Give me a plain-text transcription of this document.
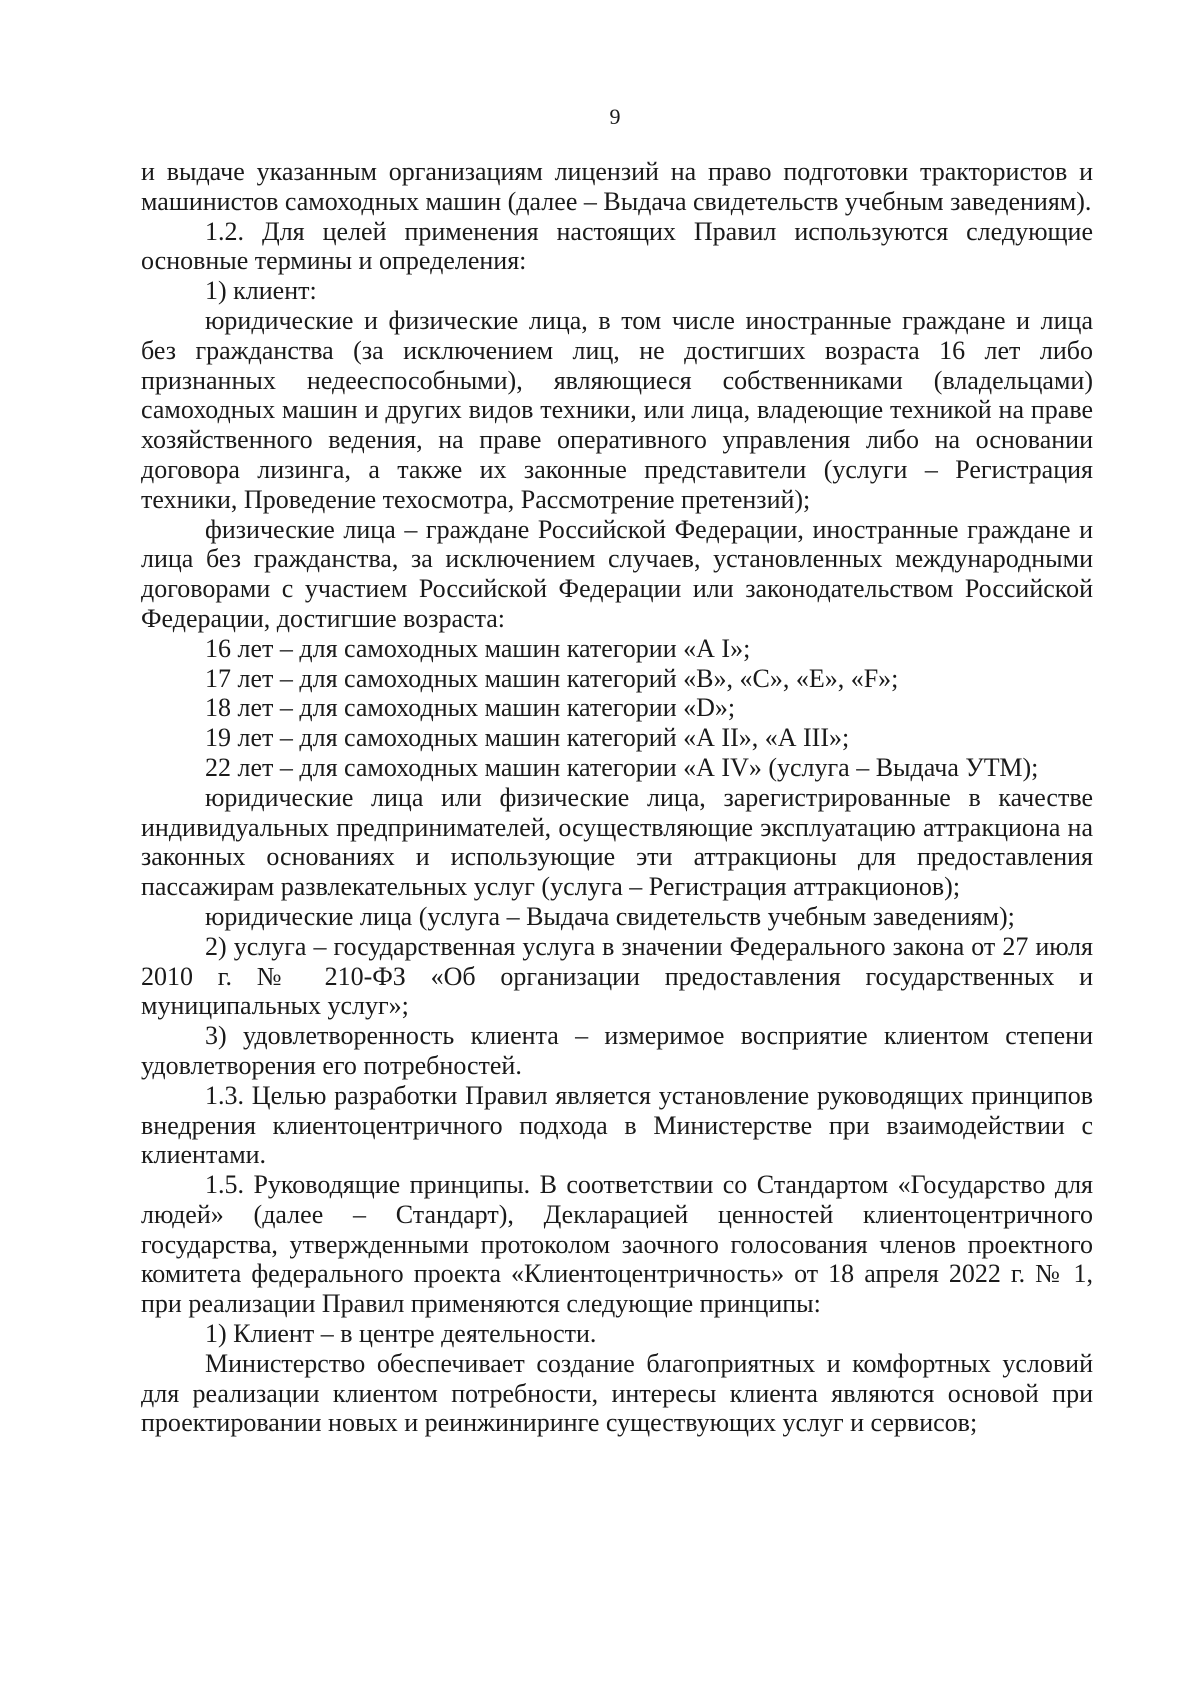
9

и выдаче указанным организациям лицензий на право подготовки трактористов и машинистов самоходных машин (далее – Выдача свидетельств учебным заведениям).

1.2. Для целей применения настоящих Правил используются следующие основные термины и определения:

1) клиент:

юридические и физические лица, в том числе иностранные граждане и лица без гражданства (за исключением лиц, не достигших возраста 16 лет либо признанных недееспособными), являющиеся собственниками (владельцами) самоходных машин и других видов техники, или лица, владеющие техникой на праве хозяйственного ведения, на праве оперативного управления либо на основании договора лизинга, а также их законные представители (услуги – Регистрация техники, Проведение техосмотра, Рассмотрение претензий);

физические лица – граждане Российской Федерации, иностранные граждане и лица без гражданства, за исключением случаев, установленных международными договорами с участием Российской Федерации или законодательством Российской Федерации, достигшие возраста:

16 лет – для самоходных машин категории «А I»;

17 лет – для самоходных машин категорий «B», «C», «E», «F»;

18 лет – для самоходных машин категории «D»;

19 лет – для самоходных машин категорий «А II», «А III»;

22 лет – для самоходных машин категории «А IV» (услуга – Выдача УТМ);

юридические лица или физические лица, зарегистрированные в качестве индивидуальных предпринимателей, осуществляющие эксплуатацию аттракциона на законных основаниях и использующие эти аттракционы для предоставления пассажирам развлекательных услуг (услуга – Регистрация аттракционов);

юридические лица (услуга – Выдача свидетельств учебным заведениям);

2) услуга – государственная услуга в значении Федерального закона от 27 июля 2010 г. № 210-ФЗ «Об организации предоставления государственных и муниципальных услуг»;

3) удовлетворенность клиента – измеримое восприятие клиентом степени удовлетворения его потребностей.

1.3. Целью разработки Правил является установление руководящих принципов внедрения клиентоцентричного подхода в Министерстве при взаимодействии с клиентами.

1.5. Руководящие принципы. В соответствии со Стандартом «Государство для людей» (далее – Стандарт), Декларацией ценностей клиентоцентричного государства, утвержденными протоколом заочного голосования членов проектного комитета федерального проекта «Клиентоцентричность» от 18 апреля 2022 г. № 1, при реализации Правил применяются следующие принципы:

1) Клиент – в центре деятельности.

Министерство обеспечивает создание благоприятных и комфортных условий для реализации клиентом потребности, интересы клиента являются основой при проектировании новых и реинжиниринге существующих услуг и сервисов;
